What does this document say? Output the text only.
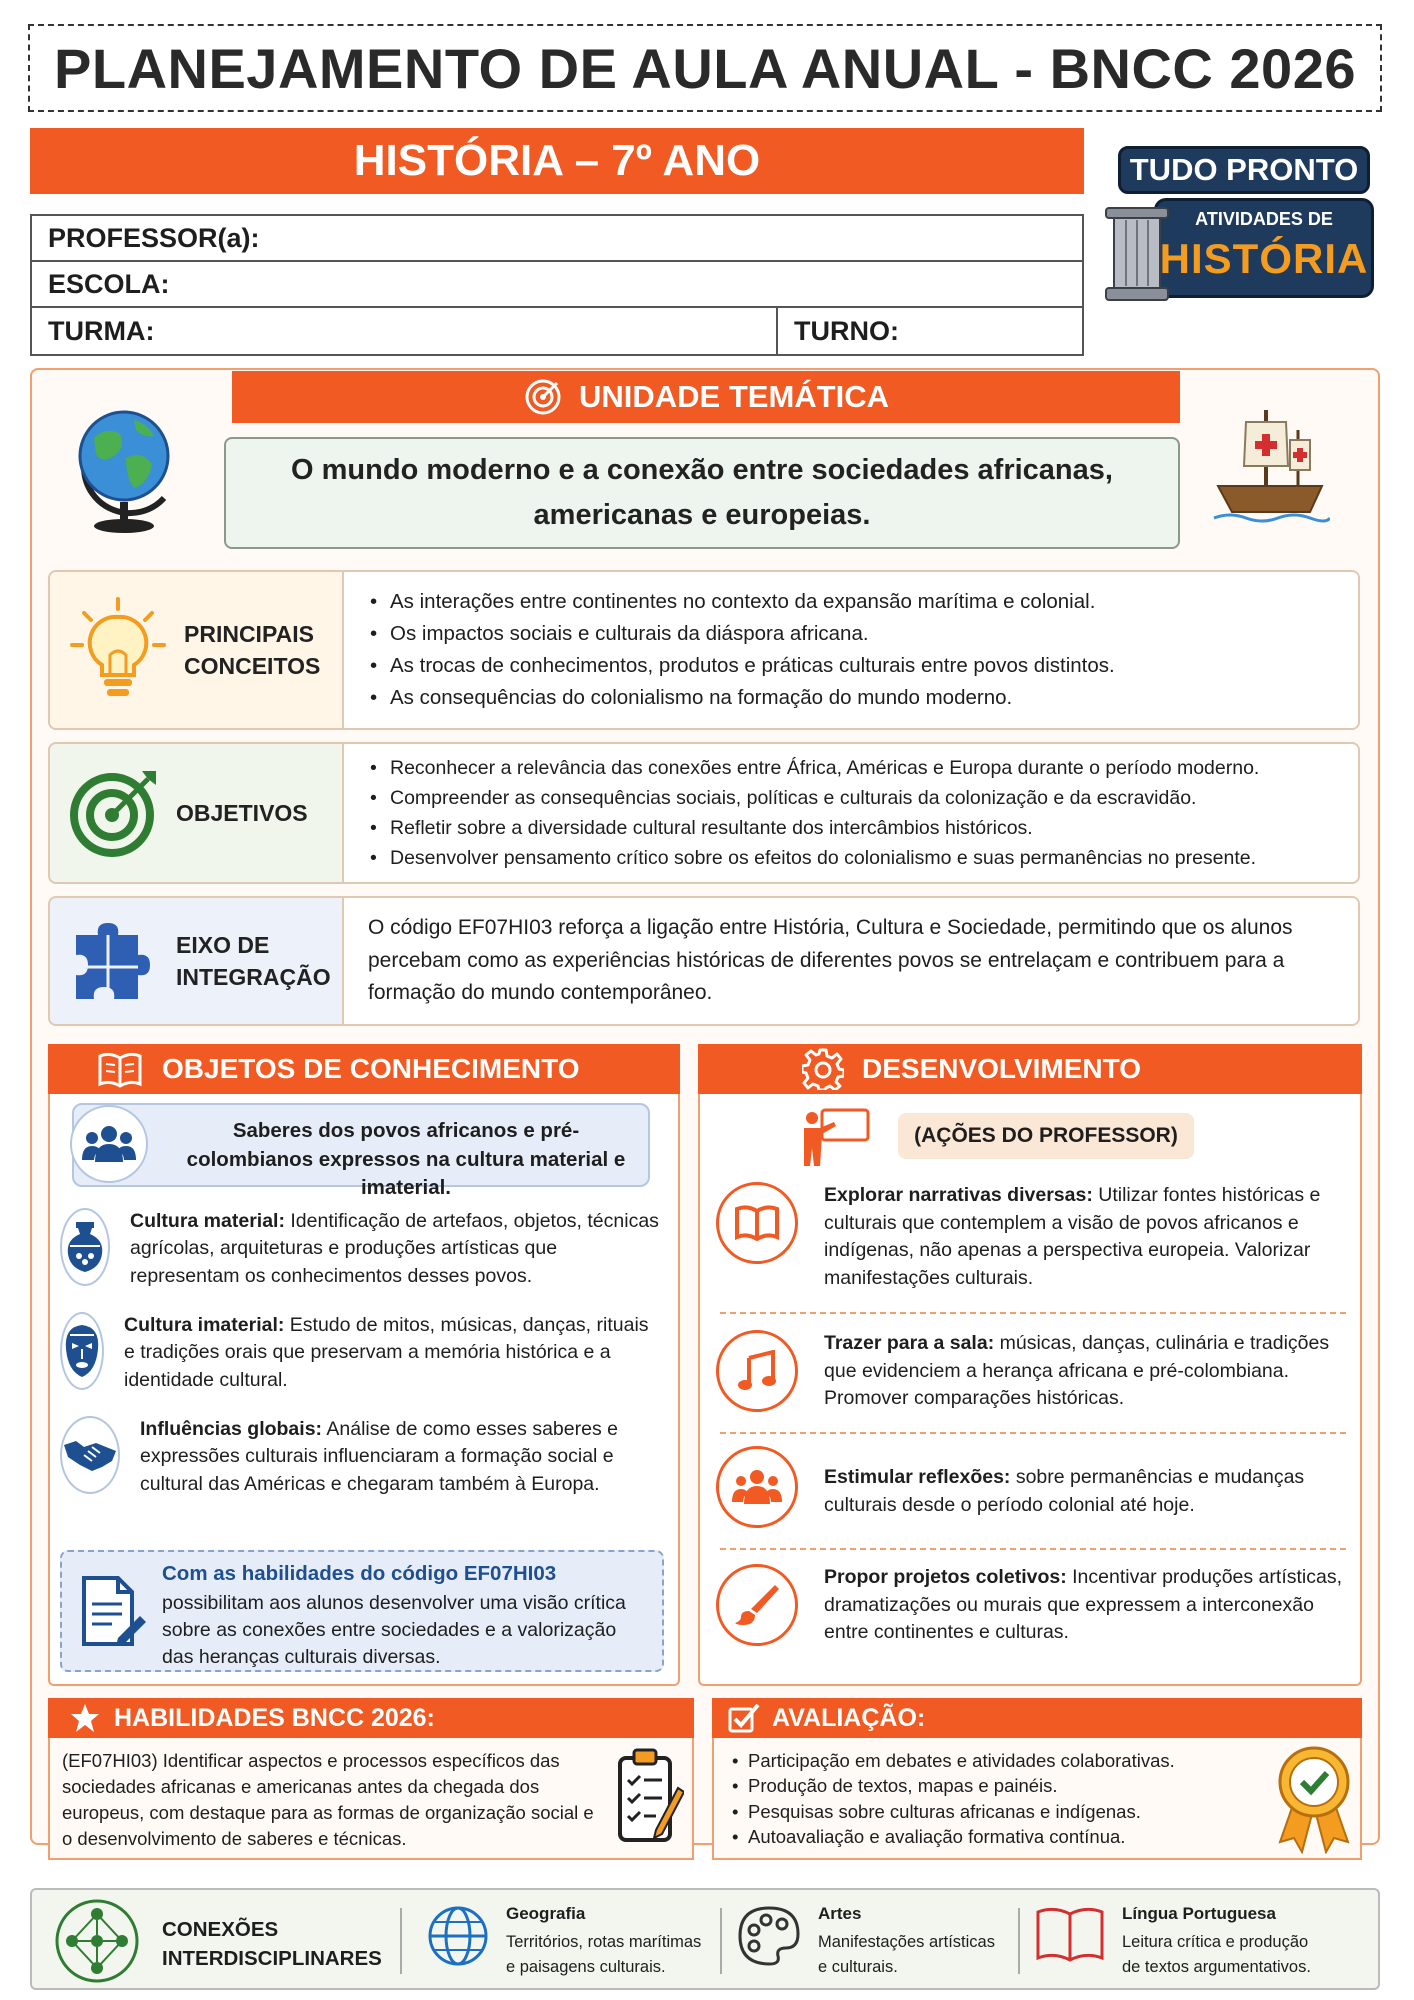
PLANEJAMENTO DE AULA ANUAL - BNCC 2026
HISTÓRIA – 7º ANO
PROFESSOR(a):
ESCOLA:
TURMA:	TURNO:
ATIVIDADES DE
HISTÓRIA
TUDO PRONTO
UNIDADE TEMÁTICA
O mundo moderno e a conexão entre sociedades africanas, americanas e europeias.
PRINCIPAIS
CONCEITOS
• As interações entre continentes no contexto da expansão marítima e colonial.
• Os impactos sociais e culturais da diáspora africana.
• As trocas de conhecimentos, produtos e práticas culturais entre povos distintos.
• As consequências do colonialismo na formação do mundo moderno.
OBJETIVOS
• Reconhecer a relevância das conexões entre África, Américas e Europa durante o período moderno.
• Compreender as consequências sociais, políticas e culturais da colonização e da escravidão.
• Refletir sobre a diversidade cultural resultante dos intercâmbios históricos.
• Desenvolver pensamento crítico sobre os efeitos do colonialismo e suas permanências no presente.
EIXO DE
INTEGRAÇÃO

O código EF07HI03 reforça a ligação entre História, Cultura e Sociedade, permitindo que os alunos percebam como as experiências históricas de diferentes povos se entrelaçam e contribuem para a formação do mundo contemporâneo.

OBJETOS DE CONHECIMENTO
Saberes dos povos africanos e pré-colombianos expressos na cultura material e imaterial.
Cultura material: Identificação de artefaos, objetos, técnicas agrícolas, arquiteturas e produções artísticas que representam os conhecimentos desses povos.
Cultura imaterial: Estudo de mitos, músicas, danças, rituais e tradições orais que preservam a memória histórica e a identidade cultural.
Influências globais: Análise de como esses saberes e expressões culturais influenciaram a formação social e cultural das Américas e chegaram também à Europa.
Com as habilidades do código EF07HI03
possibilitam aos alunos desenvolver uma visão crítica sobre as conexões entre sociedades e a valorização das heranças culturais diversas.
DESENVOLVIMENTO
(AÇÕES DO PROFESSOR)
Explorar narrativas diversas: Utilizar fontes históricas e culturais que contemplem a visão de povos africanos e indígenas, não apenas a perspectiva europeia. Valorizar manifestações culturais.
Trazer para a sala: músicas, danças, culinária e tradições que evidenciem a herança africana e pré-colombiana. Promover comparações históricas.
Estimular reflexões: sobre permanências e mudanças culturais desde o período colonial até hoje.
Propor projetos coletivos: Incentivar produções artísticas, dramatizações ou murais que expressem a interconexão entre continentes e culturas.
HABILIDADES BNCC 2026:
(EF07HI03) Identificar aspectos e processos específicos das sociedades africanas e americanas antes da chegada dos europeus, com destaque para as formas de organização social e o desenvolvimento de saberes e técnicas.
AVALIAÇÃO:
• Participação em debates e atividades colaborativas.
• Produção de textos, mapas e painéis.
• Pesquisas sobre culturas africanas e indígenas.
• Autoavaliação e avaliação formativa contínua.
CONEXÕES
INTERDISCIPLINARES
Geografia
Territórios, rotas marítimas
e paisagens culturais.
Artes
Manifestações artísticas
e culturais.
Língua Portuguesa
Leitura crítica e produção
de textos argumentativos.
